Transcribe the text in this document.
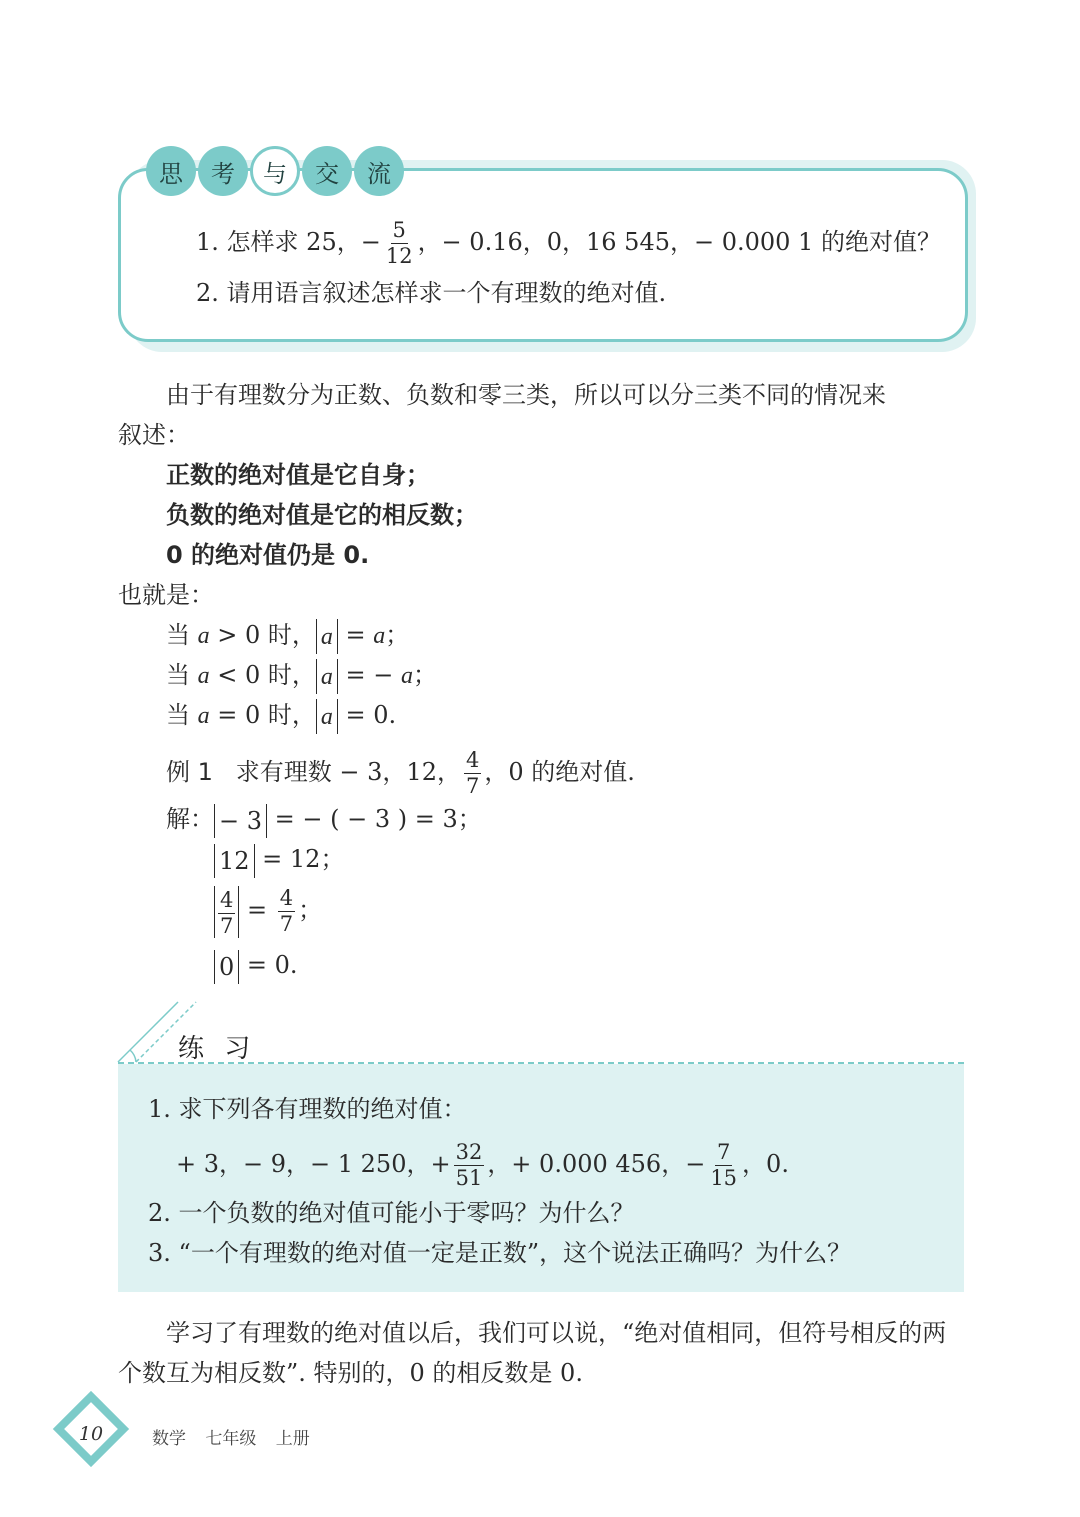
思	考	与	交	流
1. 怎样求 25，− $\frac{5}{12}$ ，− 0.16，0，16 545，− 0.000 1 的绝对值？
2. 请用语言叙述怎样求一个有理数的绝对值.
由于有理数分为正数、负数和零三类，所以可以分三类不同的情况来
叙述：
正数的绝对值是它自身；
负数的绝对值是它的相反数；
0 的绝对值仍是 0.
也就是：
当 a > 0 时， a = a；
当 a < 0 时， a = − a；
当 a = 0 时， a = 0.
例 1 求有理数 − 3，12， $\frac{4}{7}$ ，0 的绝对值.
解： − 3 = − ( − 3 ) = 3；
12 = 12；
$\frac{4}{7} = \frac{4}{7}$ ；
0 = 0.
练 习
1. 求下列各有理数的绝对值：
+ 3，− 9，− 1 250，+ $\frac{32}{51}$ ，+ 0.000 456，− $\frac{7}{15}$ ，0.
2. 一个负数的绝对值可能小于零吗？为什么？
3. “一个有理数的绝对值一定是正数”，这个说法正确吗？为什么？
学习了有理数的绝对值以后，我们可以说，“绝对值相同，但符号相反的两
个数互为相反数”. 特别的，0 的相反数是 0.
10	数学 七年级 上册
